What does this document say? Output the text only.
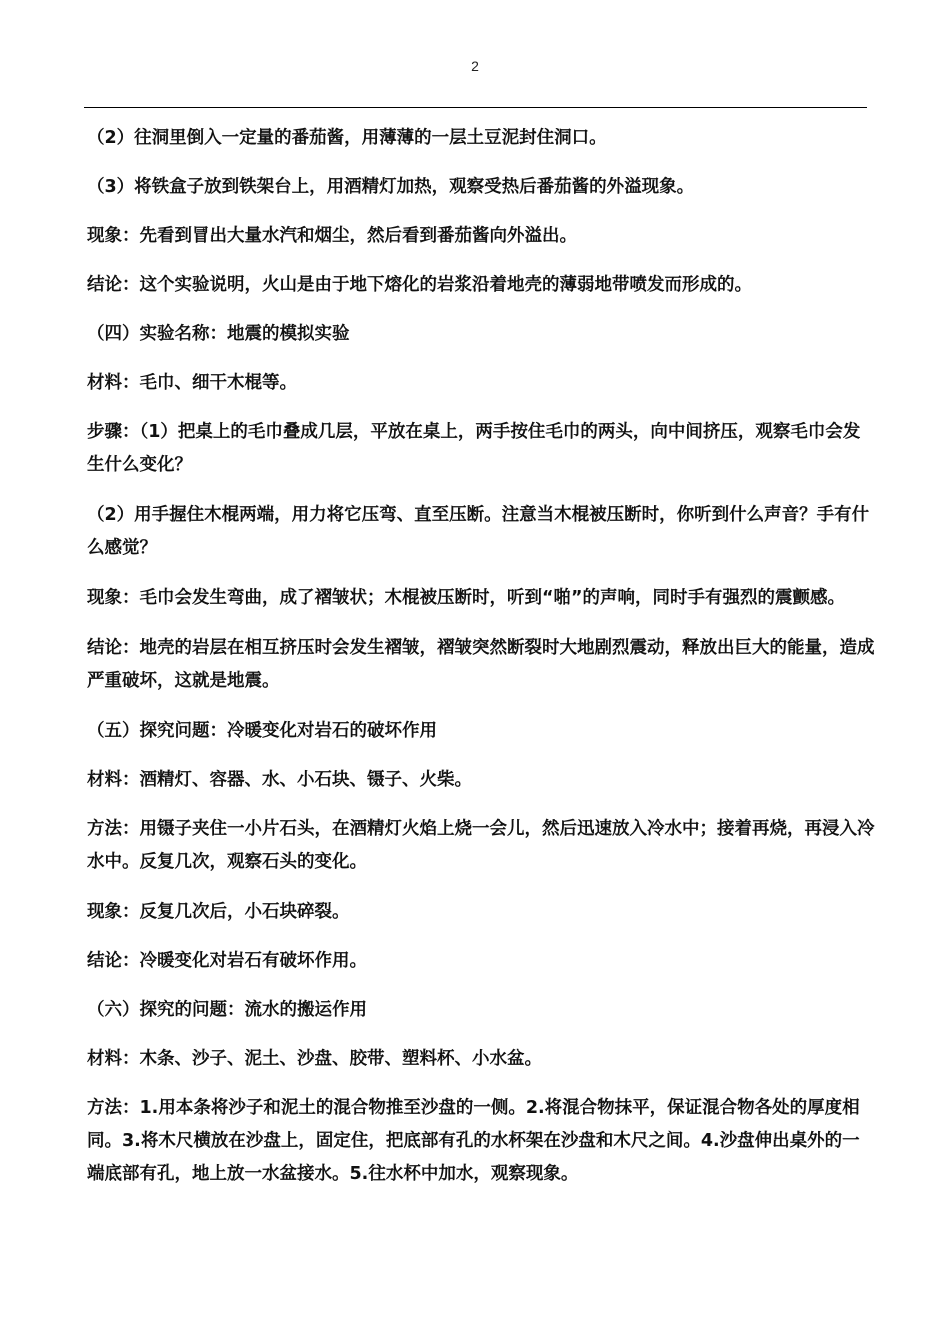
2

（2）往洞里倒入一定量的番茄酱，用薄薄的一层土豆泥封住洞口。

（3）将铁盒子放到铁架台上，用酒精灯加热，观察受热后番茄酱的外溢现象。

现象：先看到冒出大量水汽和烟尘，然后看到番茄酱向外溢出。

结论：这个实验说明，火山是由于地下熔化的岩浆沿着地壳的薄弱地带喷发而形成的。

（四）实验名称：地震的模拟实验

材料：毛巾、细干木棍等。

步骤：（1）把桌上的毛巾叠成几层，平放在桌上，两手按住毛巾的两头，向中间挤压，观察毛巾会发生什么变化？

（2）用手握住木棍两端，用力将它压弯、直至压断。注意当木棍被压断时，你听到什么声音？手有什么感觉？

现象：毛巾会发生弯曲，成了褶皱状；木棍被压断时，听到“啪”的声响，同时手有强烈的震颤感。

结论：地壳的岩层在相互挤压时会发生褶皱，褶皱突然断裂时大地剧烈震动，释放出巨大的能量，造成严重破坏，这就是地震。

（五）探究问题：冷暖变化对岩石的破坏作用

材料：酒精灯、容器、水、小石块、镊子、火柴。

方法：用镊子夹住一小片石头，在酒精灯火焰上烧一会儿，然后迅速放入冷水中；接着再烧，再浸入冷水中。反复几次，观察石头的变化。

现象：反复几次后，小石块碎裂。

结论：冷暖变化对岩石有破坏作用。

（六）探究的问题：流水的搬运作用

材料：木条、沙子、泥土、沙盘、胶带、塑料杯、小水盆。

方法：1.用本条将沙子和泥土的混合物推至沙盘的一侧。2.将混合物抹平，保证混合物各处的厚度相同。3.将木尺横放在沙盘上，固定住，把底部有孔的水杯架在沙盘和木尺之间。4.沙盘伸出桌外的一端底部有孔，地上放一水盆接水。5.往水杯中加水，观察现象。
